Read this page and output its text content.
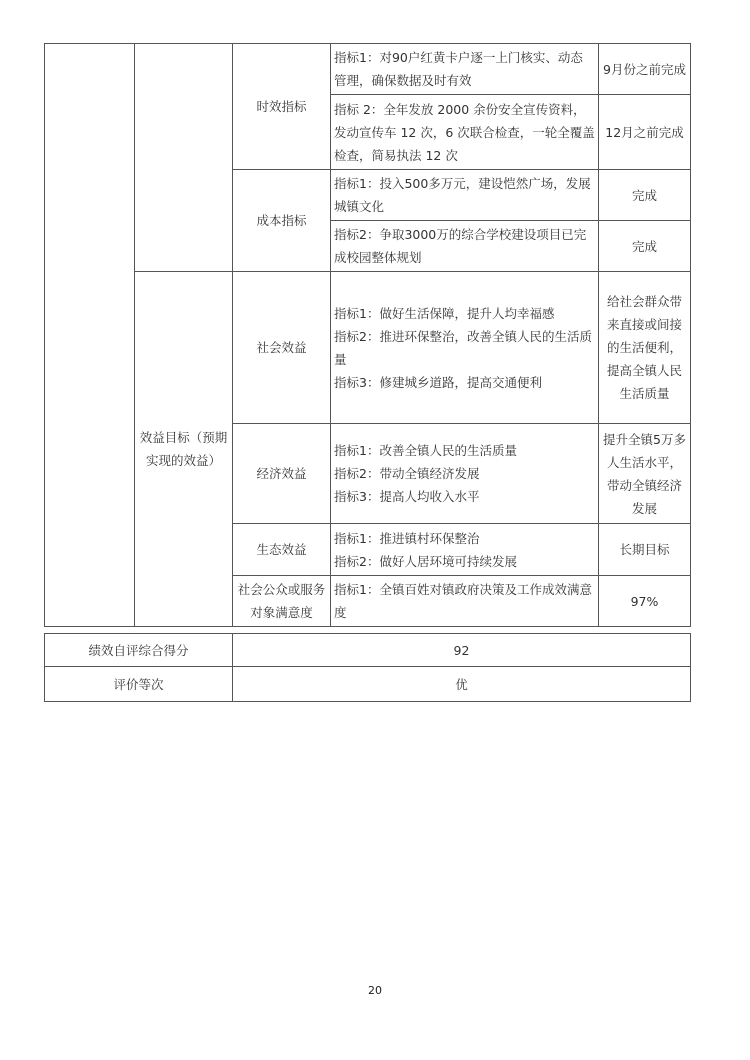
		时效指标	指标1：对90户红黄卡户逐一上门核实、动态管理，确保数据及时有效	9月份之前完成
			指标 2：全年发放 2000 余份安全宣传资料，发动宣传车 12 次，6 次联合检查，一轮全覆盖检查，简易执法 12 次	12月之前完成
		成本指标	指标1：投入500多万元，建设恺然广场，发展城镇文化	完成
			指标2：争取3000万的综合学校建设项目已完成校园整体规划	完成
	效益目标（预期实现的效益）	社会效益	指标1：做好生活保障，提升人均幸福感
指标2：推进环保整治，改善全镇人民的生活质量
指标3：修建城乡道路，提高交通便利	给社会群众带来直接或间接的生活便利，提高全镇人民生活质量
		经济效益	指标1：改善全镇人民的生活质量
指标2：带动全镇经济发展
指标3：提高人均收入水平	提升全镇5万多人生活水平，带动全镇经济发展
		生态效益	指标1：推进镇村环保整治
指标2：做好人居环境可持续发展	长期目标
		社会公众或服务对象满意度	指标1：全镇百姓对镇政府决策及工作成效满意度	97%
绩效自评综合得分	92
评价等次	优
20
